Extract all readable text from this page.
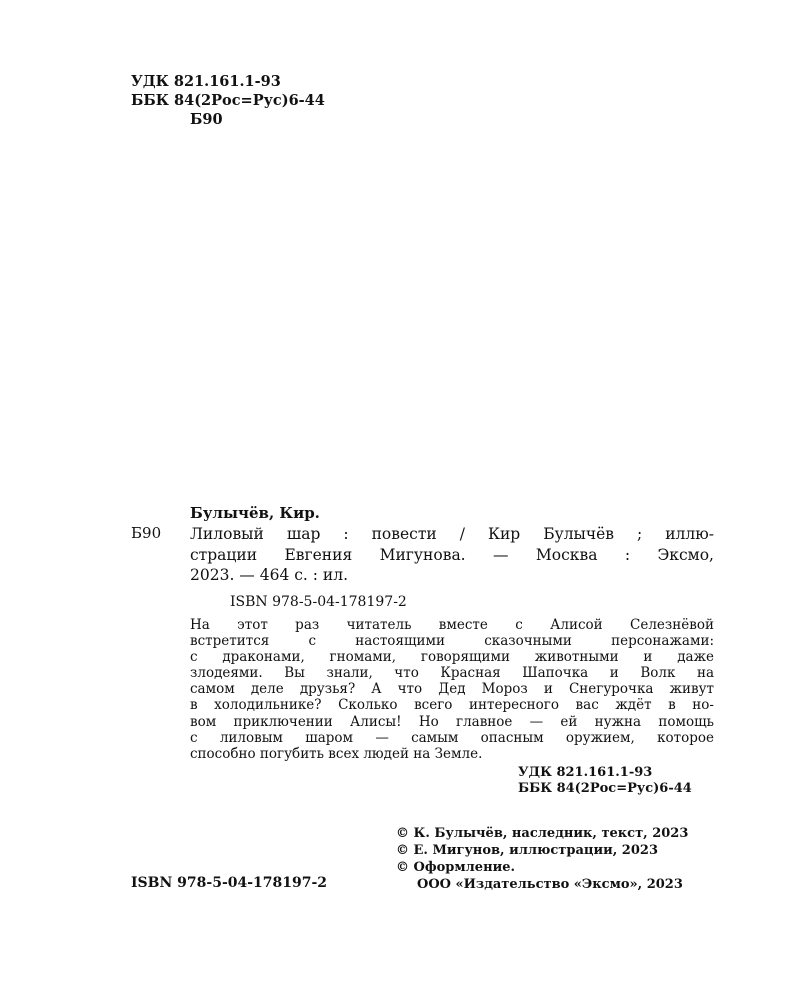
УДК 821.161.1-93
ББК 84(2Рос=Рус)6-44
Б90
Булычёв, Кир.
Б90 Лиловый шар : повести / Кир Булычёв ; иллю-
страции Евгения Мигунова. — Москва : Эксмо,
2023. — 464 с. : ил.
ISBN 978-5-04-178197-2
На этот раз читатель вместе с Алисой Селезнёвой
встретится с настоящими сказочными персонажами:
с драконами, гномами, говорящими животными и даже
злодеями. Вы знали, что Красная Шапочка и Волк на
самом деле друзья? А что Дед Мороз и Снегурочка живут
в холодильнике? Сколько всего интересного вас ждёт в но-
вом приключении Алисы! Но главное — ей нужна помощь
с лиловым шаром — самым опасным оружием, которое
способно погубить всех людей на Земле.
УДК 821.161.1-93
ББК 84(2Рос=Рус)6-44
© К. Булычёв, наследник, текст, 2023
© Е. Мигунов, иллюстрации, 2023
© Оформление.
ООО «Издательство «Эксмо», 2023
ISBN 978-5-04-178197-2
